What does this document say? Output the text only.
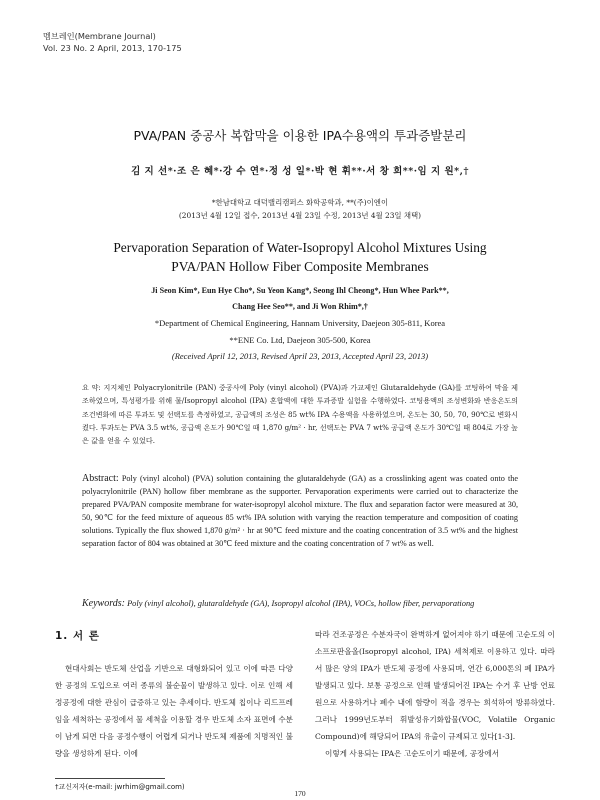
멤브레인(Membrane Journal)
Vol. 23 No. 2 April, 2013, 170-175
PVA/PAN 중공사 복합막을 이용한 IPA수용액의 투과증발분리
김 지 선*·조 은 혜*·강 수 연*·정 성 일*·박 현 휘**·서 창 희**·임 지 원*,†
*한남대학교 대덕밸리캠퍼스 화학공학과, **(주)이엔이
(2013년 4월 12일 접수, 2013년 4월 23일 수정, 2013년 4월 23일 채택)
Pervaporation Separation of Water-Isopropyl Alcohol Mixtures Using
PVA/PAN Hollow Fiber Composite Membranes
Ji Seon Kim*, Eun Hye Cho*, Su Yeon Kang*, Seong Ihl Cheong*, Hun Whee Park**,
Chang Hee Seo**, and Ji Won Rhim*,†
*Department of Chemical Engineering, Hannam University, Daejeon 305-811, Korea
**ENE Co. Ltd, Daejeon 305-500, Korea
(Received April 12, 2013, Revised April 23, 2013, Accepted April 23, 2013)
요 약: 지지체인 Polyacrylonitrile (PAN) 중공사에 Poly (vinyl alcohol) (PVA)과 가교제인 Glutaraldehyde (GA)를 코팅하여 막을 제조하였으며, 특성평가를 위해 물/Isopropyl alcohol (IPA) 혼합액에 대한 투과증발 실험을 수행하였다. 코팅용액의 조성변화와 반응온도의 조건변화에 따른 투과도 및 선택도를 측정하였고, 공급액의 조성은 85 wt% IPA 수용액을 사용하였으며, 온도는 30, 50, 70, 90℃로 변화시켰다. 투과도는 PVA 3.5 wt%, 공급액 온도가 90℃일 때 1,870 g/m² · hr, 선택도는 PVA 7 wt% 공급액 온도가 30℃일 때 804로 가장 높은 값을 얻을 수 있었다.
Abstract: Poly (vinyl alcohol) (PVA) solution containing the glutaraldehyde (GA) as a crosslinking agent was coated onto the polyacrylonitrile (PAN) hollow fiber membrane as the supporter. Pervaporation experiments were carried out to characterize the prepared PVA/PAN composite membrane for water-isopropyl alcohol mixture. The flux and separation factor were measured at 30, 50, 90℃ for the feed mixture of aqueous 85 wt% IPA solution with varying the reaction temperature and composition of coating solutions. Typically the flux showed 1,870 g/m² · hr at 90℃ feed mixture and the coating concentration of 3.5 wt% and the highest separation factor of 804 was obtained at 30℃ feed mixture and the coating concentration of 7 wt% as well.
Keywords: Poly (vinyl alcohol), glutaraldehyde (GA), Isopropyl alcohol (IPA), VOCs, hollow fiber, pervaporationg
1. 서 론

현대사회는 반도체 산업을 기반으로 대형화되어 있고 이에 따른 다양한 공정의 도입으로 여러 종류의 불순물이 발생하고 있다. 이로 인해 세정공정에 대한 관심이 급증하고 있는 추세이다. 반도체 칩이나 리드프레임을 세척하는 공정에서 물 세척을 이용할 경우 반도체 소자 표면에 수분이 남게 되면 다음 공정수행이 어렵게 되거나 반도체 제품에 치명적인 불량을 생성하게 된다. 이에

따라 건조공정은 수분자국이 완벽하게 없어져야 하기 때문에 고순도의 이소프로판올올(Isopropyl alcohol, IPA) 세척제로 이용하고 있다. 따라서 많은 양의 IPA가 반도체 공정에 사용되며, 연간 6,000톤의 폐 IPA가 발생되고 있다. 보통 공정으로 인해 발생되어진 IPA는 수거 후 난방 연료원으로 사용하거나 폐수 내에 함량이 적을 경우는 희석하여 방류하였다. 그러나 1999년도부터 휘발성유기화합물(VOC, Volatile Organic Compound)에 해당되어 IPA의 유출이 규제되고 있다[1-3].

이렇게 사용되는 IPA은 고순도이기 때문에, 공장에서

†교신저자(e-mail: jwrhim@gmail.com)
170
